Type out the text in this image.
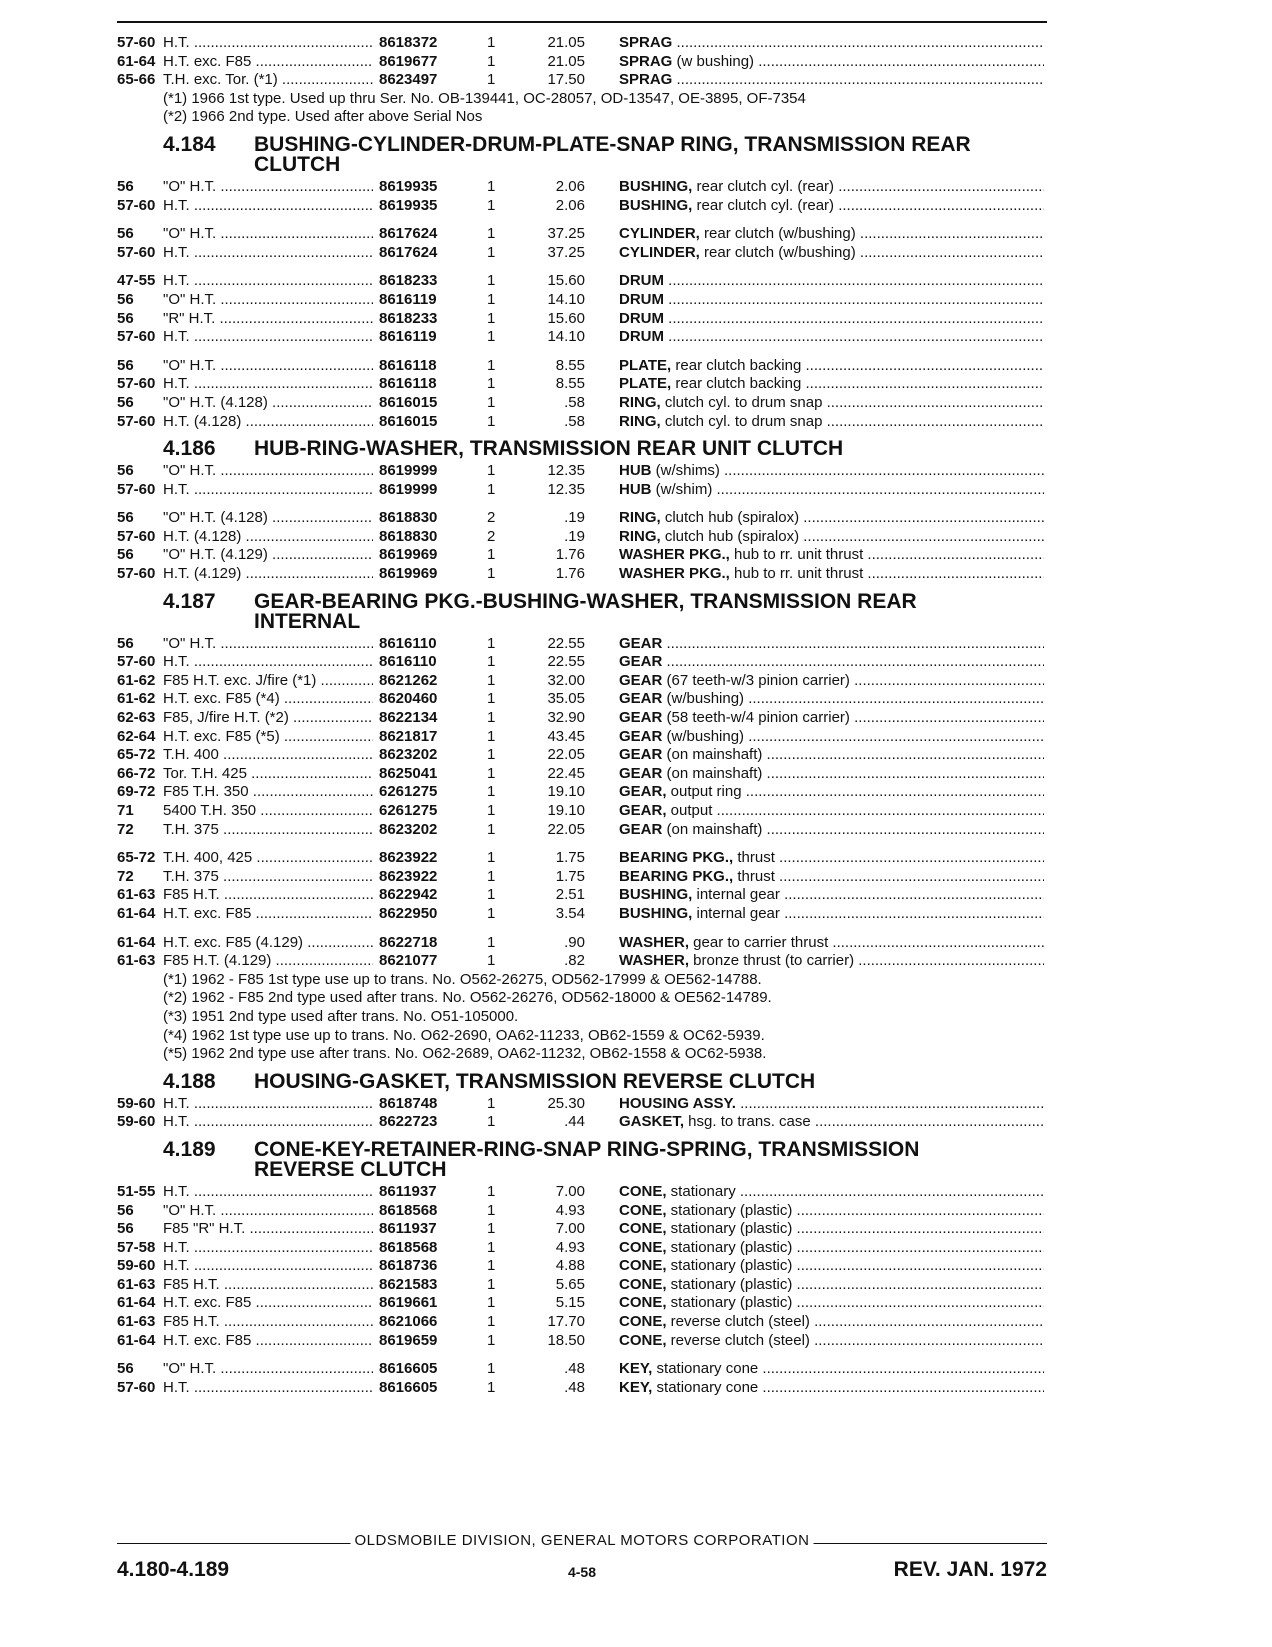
57-60 H.T. .....	8618372	1	21.05 SPRAG .....
61-64 H.T. exc. F85 .....	8619677	1	21.05 SPRAG (w bushing) .....
65-66 T.H. exc. Tor. (*1) .....	8623497	1	17.50 SPRAG .....
(*1) 1966 1st type. Used up thru Ser. No. OB-139441, OC-28057, OD-13547, OE-3895, OF-7354
(*2) 1966 2nd type. Used after above Serial Nos
4.184 BUSHING-CYLINDER-DRUM-PLATE-SNAP RING, TRANSMISSION REAR CLUTCH
56	"O" H.T. .....	8619935	1	2.06 BUSHING, rear clutch cyl. (rear) .....
57-60 H.T. .....	8619935	1	2.06 BUSHING, rear clutch cyl. (rear) .....
56	"O" H.T. .....	8617624	1	37.25 CYLINDER, rear clutch (w/bushing) .....
57-60 H.T. .....	8617624	1	37.25 CYLINDER, rear clutch (w/bushing) .....
47-55 H.T. .....	8618233	1	15.60 DRUM .....
56	"O" H.T. .....	8616119	1	14.10 DRUM .....
56	"R" H.T. .....	8618233	1	15.60 DRUM .....
57-60 H.T. .....	8616119	1	14.10 DRUM .....
56	"O" H.T. .....	8616118	1	8.55 PLATE, rear clutch backing .....
57-60 H.T. .....	8616118	1	8.55 PLATE, rear clutch backing .....
56	"O" H.T. (4.128) .....	8616015	1	.58 RING, clutch cyl. to drum snap .....
57-60 H.T. (4.128) .....	8616015	1	.58 RING, clutch cyl. to drum snap .....
4.186 HUB-RING-WASHER, TRANSMISSION REAR UNIT CLUTCH
56	"O" H.T. .....	8619999	1	12.35 HUB (w/shims) .....
57-60 H.T. .....	8619999	1	12.35 HUB (w/shim) .....
56	"O" H.T. (4.128) .....	8618830	2	.19 RING, clutch hub (spiralox) .....
57-60 H.T. (4.128) .....	8618830	2	.19 RING, clutch hub (spiralox) .....
56	"O" H.T. (4.129) .....	8619969	1	1.76 WASHER PKG., hub to rr. unit thrust .....
57-60 H.T. (4.129) .....	8619969	1	1.76 WASHER PKG., hub to rr. unit thrust .....
4.187 GEAR-BEARING PKG.-BUSHING-WASHER, TRANSMISSION REAR INTERNAL
56	"O" H.T. .....	8616110	1	22.55 GEAR .....
57-60 H.T. .....	8616110	1	22.55 GEAR .....
61-62 F85 H.T. exc. J/fire (*1) .....	8621262	1	32.00 GEAR (67 teeth-w/3 pinion carrier) .....
61-62 H.T. exc. F85 (*4) .....	8620460	1	35.05 GEAR (w/bushing) .....
62-63 F85, J/fire H.T. (*2) .....	8622134	1	32.90 GEAR (58 teeth-w/4 pinion carrier) .....
62-64 H.T. exc. F85 (*5) .....	8621817	1	43.45 GEAR (w/bushing) .....
65-72 T.H. 400 .....	8623202	1	22.05 GEAR (on mainshaft) .....
66-72 Tor. T.H. 425 .....	8625041	1	22.45 GEAR (on mainshaft) .....
69-72 F85 T.H. 350 .....	6261275	1	19.10 GEAR, output ring .....
71	5400 T.H. 350 .....	6261275	1	19.10 GEAR, output .....
72	T.H. 375 .....	8623202	1	22.05 GEAR (on mainshaft) .....
65-72 T.H. 400, 425 .....	8623922	1	1.75 BEARING PKG., thrust .....
72	T.H. 375 .....	8623922	1	1.75 BEARING PKG., thrust .....
61-63 F85 H.T. .....	8622942	1	2.51 BUSHING, internal gear .....
61-64 H.T. exc. F85 .....	8622950	1	3.54 BUSHING, internal gear .....
61-64 H.T. exc. F85 (4.129) .....	8622718	1	.90 WASHER, gear to carrier thrust .....
61-63 F85 H.T. (4.129) .....	8621077	1	.82 WASHER, bronze thrust (to carrier) .....
(*1) 1962 - F85 1st type use up to trans. No. O562-26275, OD562-17999 & OE562-14788.
(*2) 1962 - F85 2nd type used after trans. No. O562-26276, OD562-18000 & OE562-14789.
(*3) 1951 2nd type used after trans. No. O51-105000.
(*4) 1962 1st type use up to trans. No. O62-2690, OA62-11233, OB62-1559 & OC62-5939.
(*5) 1962 2nd type use after trans. No. O62-2689, OA62-11232, OB62-1558 & OC62-5938.
4.188 HOUSING-GASKET, TRANSMISSION REVERSE CLUTCH
59-60 H.T. .....	8618748	1	25.30 HOUSING ASSY. .....
59-60 H.T. .....	8622723	1	.44 GASKET, hsg. to trans. case .....
4.189 CONE-KEY-RETAINER-RING-SNAP RING-SPRING, TRANSMISSION REVERSE CLUTCH
51-55 H.T. .....	8611937	1	7.00 CONE, stationary .....
56	"O" H.T. .....	8618568	1	4.93 CONE, stationary (plastic) .....
56	F85 "R" H.T. .....	8611937	1	7.00 CONE, stationary (plastic) .....
57-58 H.T. .....	8618568	1	4.93 CONE, stationary (plastic) .....
59-60 H.T. .....	8618736	1	4.88 CONE, stationary (plastic) .....
61-63 F85 H.T. .....	8621583	1	5.65 CONE, stationary (plastic) .....
61-64 H.T. exc. F85 .....	8619661	1	5.15 CONE, stationary (plastic) .....
61-63 F85 H.T. .....	8621066	1	17.70 CONE, reverse clutch (steel) .....
61-64 H.T. exc. F85 .....	8619659	1	18.50 CONE, reverse clutch (steel) .....
56	"O" H.T. .....	8616605	1	.48 KEY, stationary cone .....
57-60 H.T. .....	8616605	1	.48 KEY, stationary cone .....
OLDSMOBILE DIVISION, GENERAL MOTORS CORPORATION
4.180-4.189	4-58	REV. JAN. 1972
